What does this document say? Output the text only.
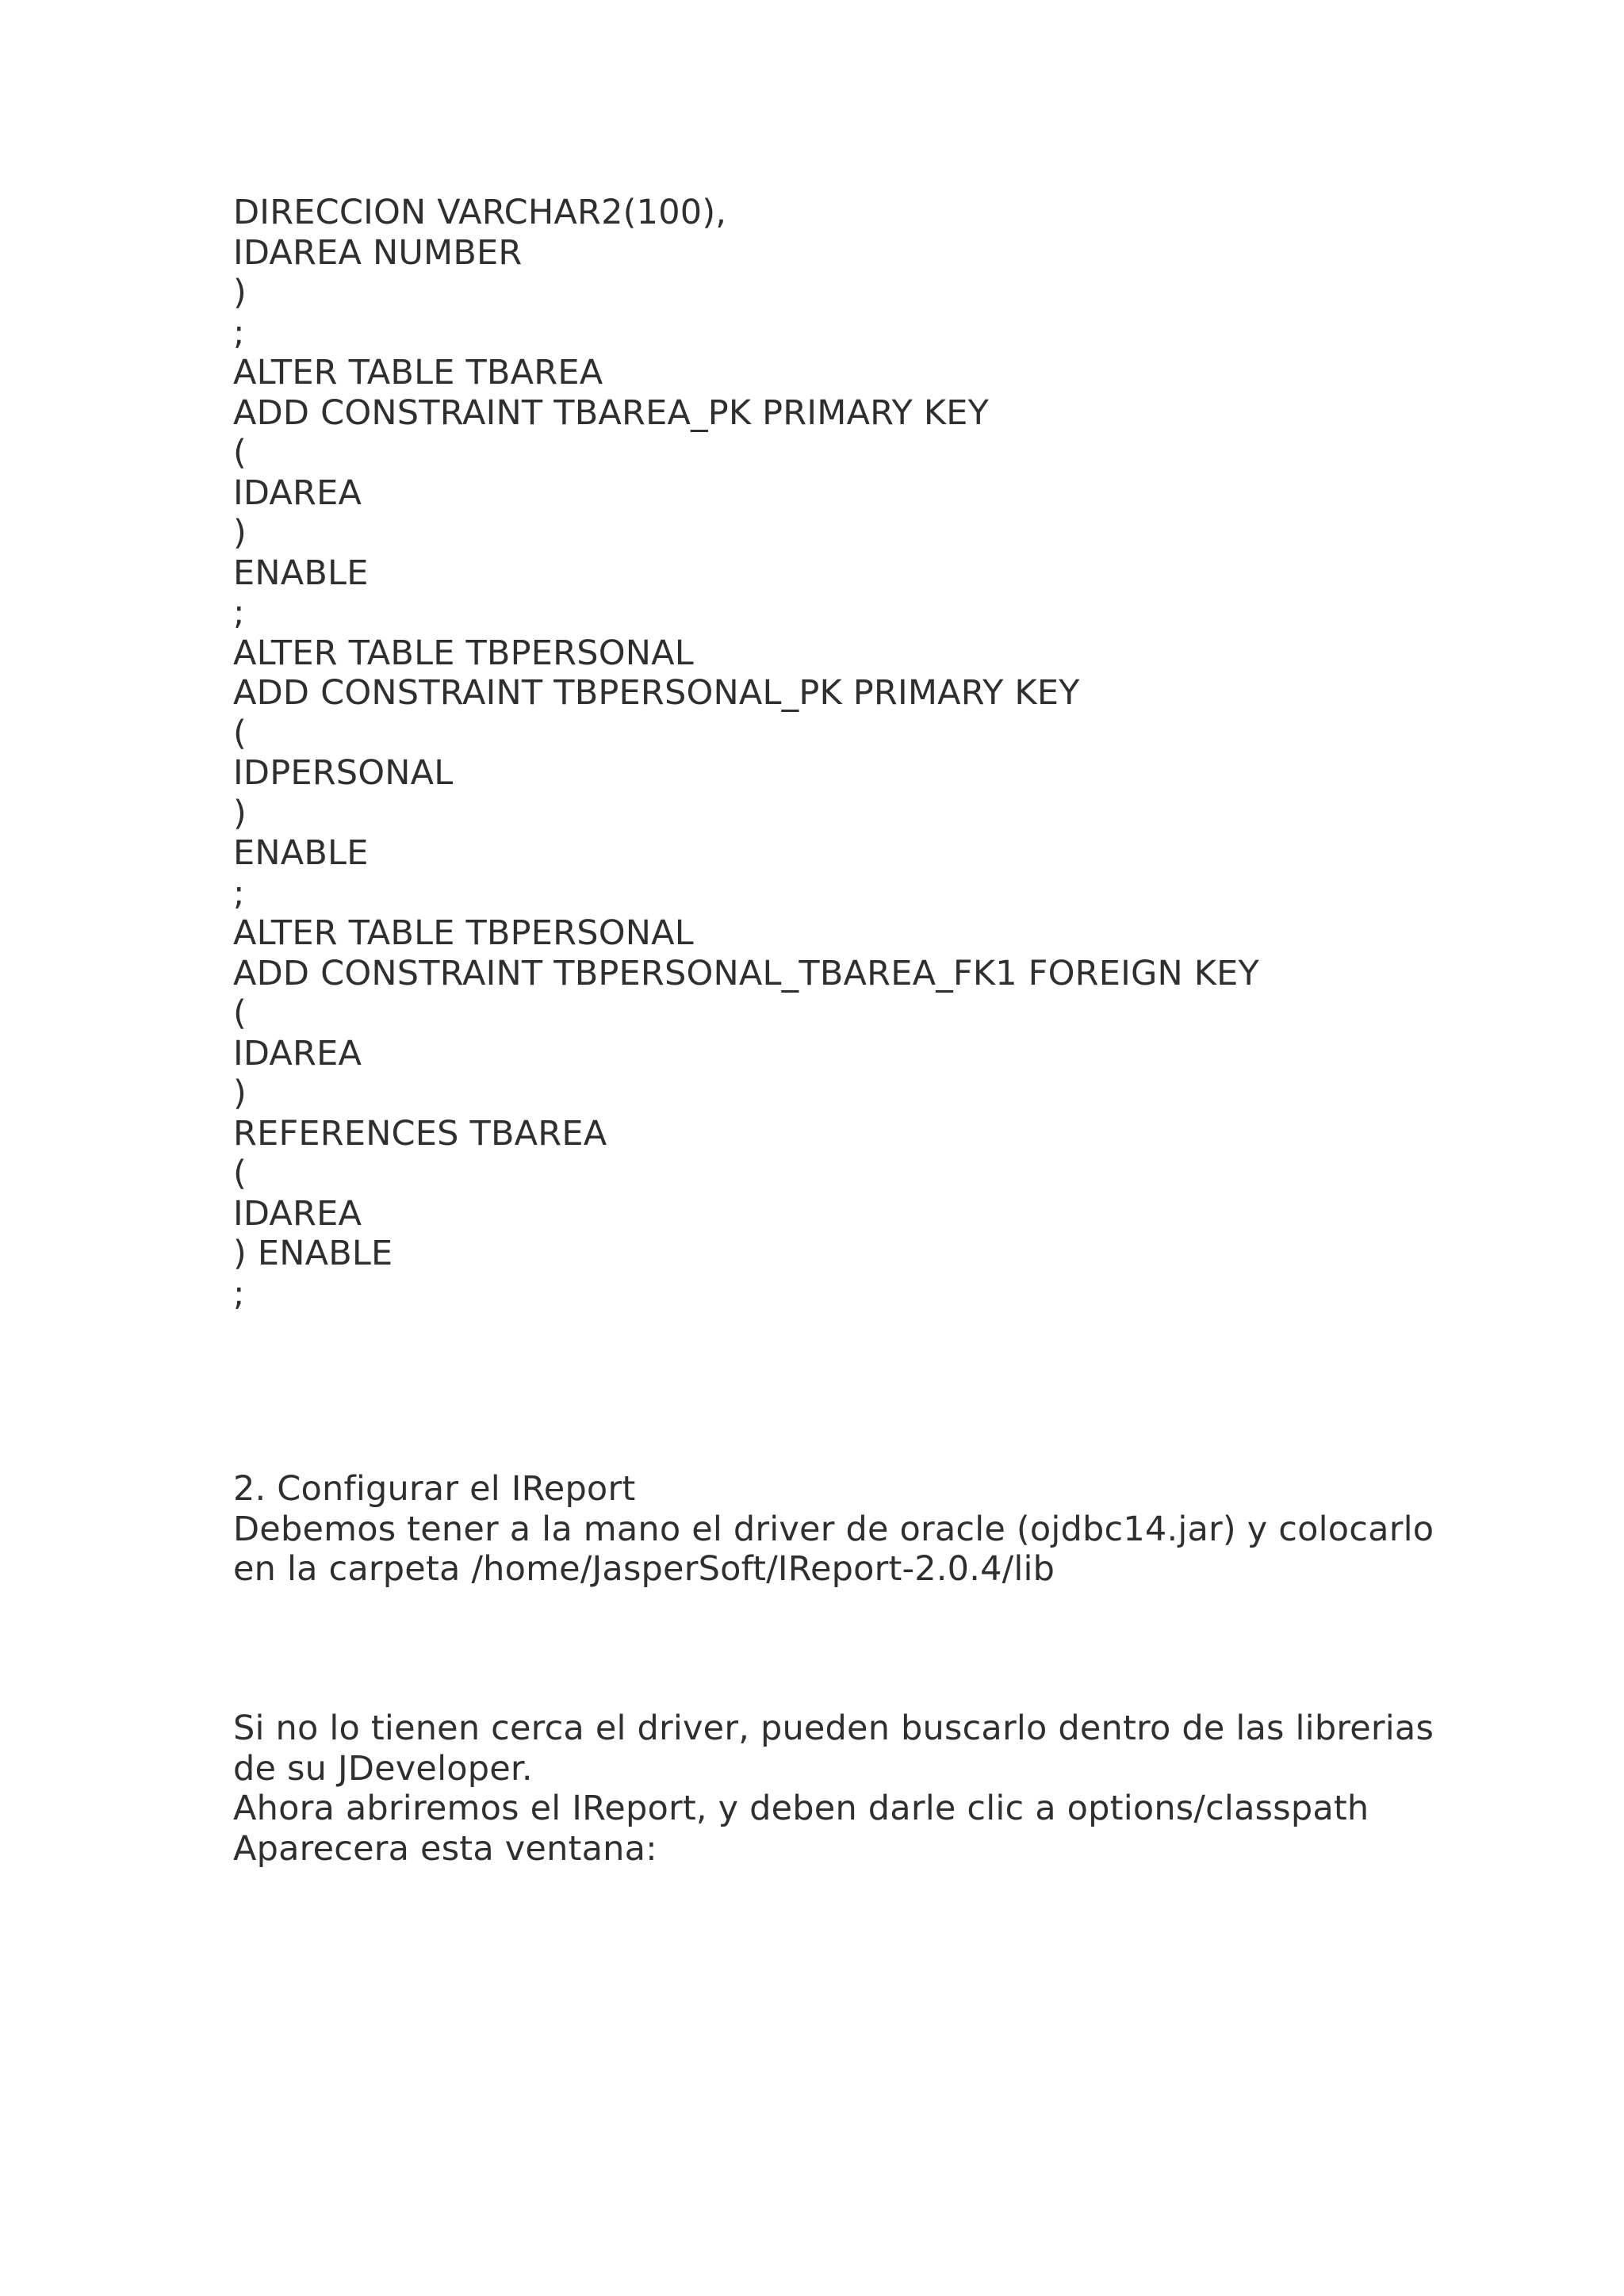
DIRECCION VARCHAR2(100),
IDAREA NUMBER
)
;
ALTER TABLE TBAREA
ADD CONSTRAINT TBAREA_PK PRIMARY KEY
(
IDAREA
)
ENABLE
;
ALTER TABLE TBPERSONAL
ADD CONSTRAINT TBPERSONAL_PK PRIMARY KEY
(
IDPERSONAL
)
ENABLE
;
ALTER TABLE TBPERSONAL
ADD CONSTRAINT TBPERSONAL_TBAREA_FK1 FOREIGN KEY
(
IDAREA
)
REFERENCES TBAREA
(
IDAREA
) ENABLE
;
2. Configurar el IReport
Debemos tener a la mano el driver de oracle (ojdbc14.jar) y colocarlo
en la carpeta /home/JasperSoft/IReport-2.0.4/lib
Si no lo tienen cerca el driver, pueden buscarlo dentro de las librerias
de su JDeveloper.
Ahora abriremos el IReport, y deben darle clic a options/classpath
Aparecera esta ventana:
